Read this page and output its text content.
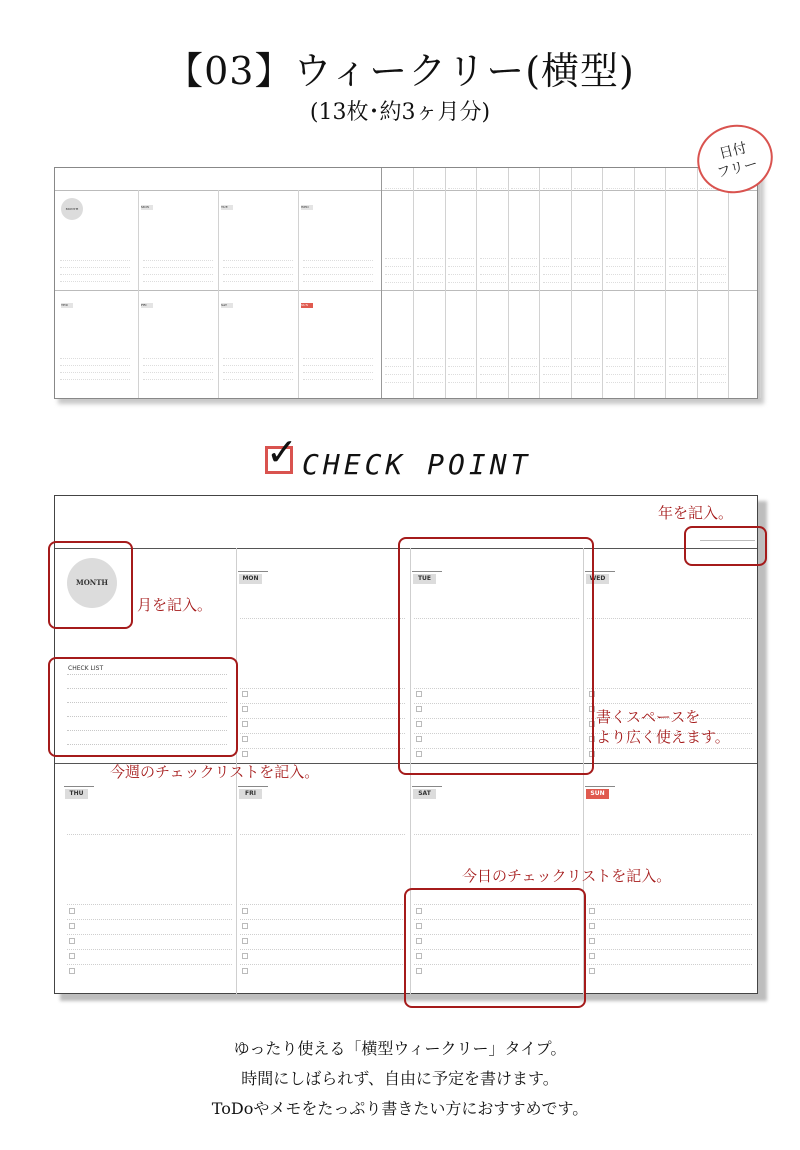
【03】ウィークリー(横型)
(13枚･約3ヶ月分)
MONTH	MON	TUE	WED
THU	FRI	SAT	SUN
日付
フリー
✓ CHECK POINT
MONTH
CHECK LIST
MON	TUE	WED
THU	FRI	SAT	SUN
年を記入。
月を記入。
書くスペースを
より広く使えます。
今週のチェックリストを記入。
今日のチェックリストを記入。
ゆったり使える「横型ウィークリー」タイプ。
時間にしばられず、自由に予定を書けます。
ToDoやメモをたっぷり書きたい方におすすめです。
